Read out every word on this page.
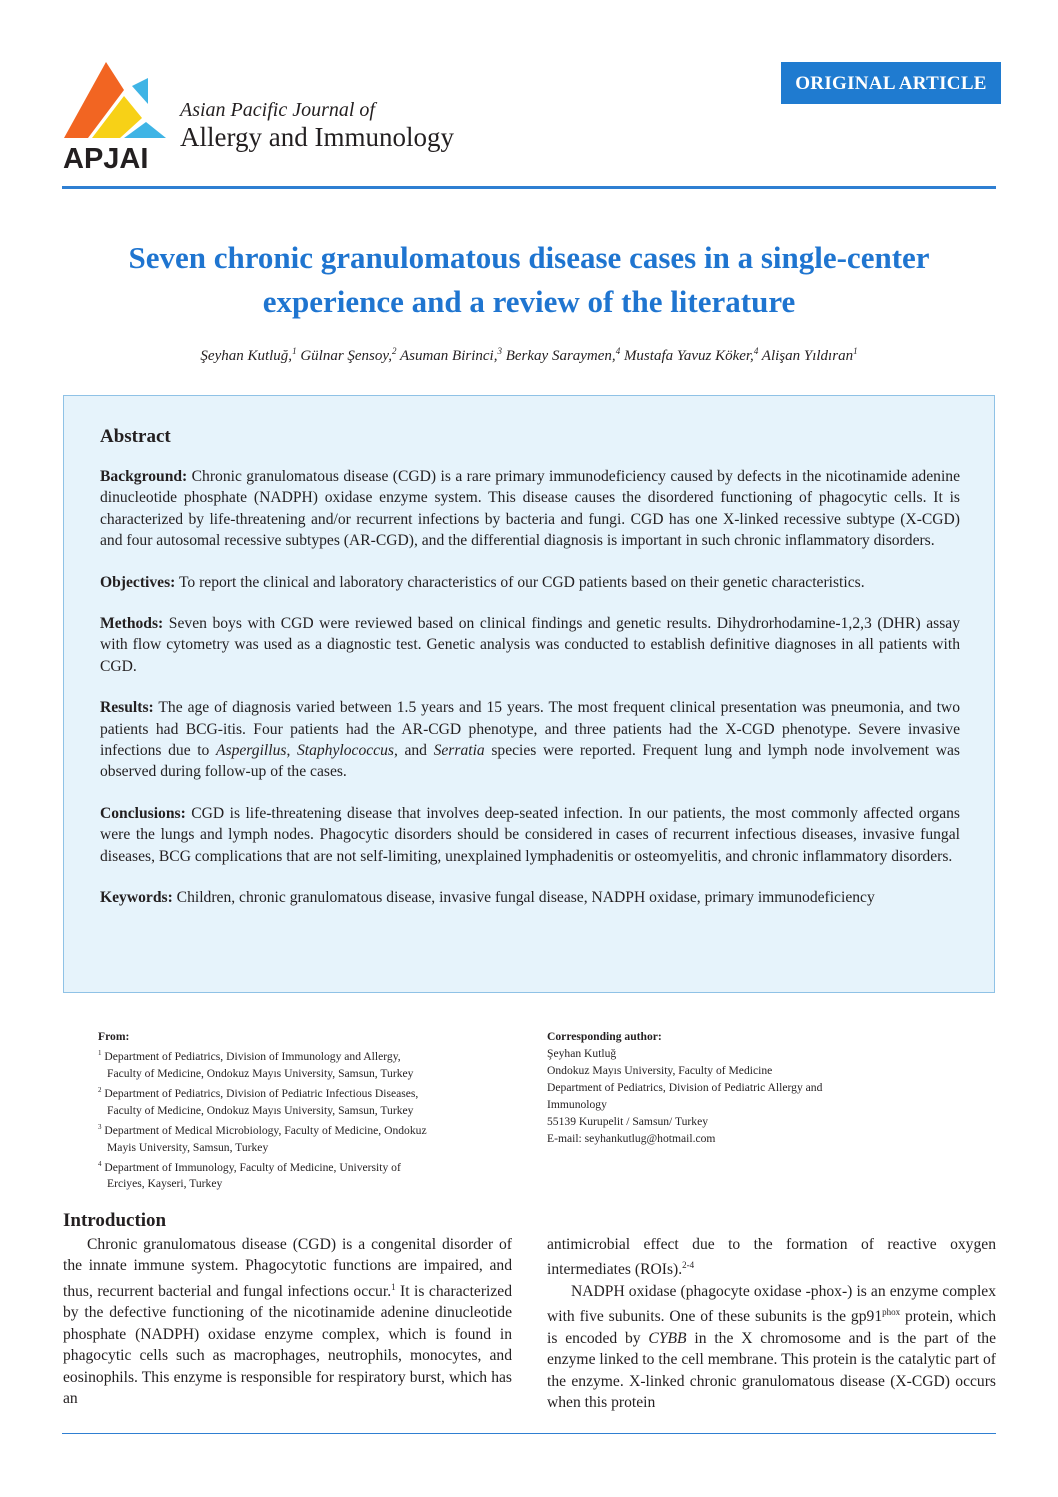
APJAI
Asian Pacific Journal of
Allergy and Immunology
ORIGINAL ARTICLE
Seven chronic granulomatous disease cases in a single-center
experience and a review of the literature
Şeyhan Kutluğ,$^1$ Gülnar Şensoy,$^2$ Asuman Birinci,$^3$ Berkay Saraymen,$^4$ Mustafa Yavuz Köker,$^4$ Alişan Yıldıran$^1$
Abstract

Background: Chronic granulomatous disease (CGD) is a rare primary immunodeficiency caused by defects in the nicotinamide adenine dinucleotide phosphate (NADPH) oxidase enzyme system. This disease causes the disordered functioning of phagocytic cells. It is characterized by life-threatening and/or recurrent infections by bacteria and fungi. CGD has one X-linked recessive subtype (X-CGD) and four autosomal recessive subtypes (AR-CGD), and the differential diagnosis is important in such chronic inflammatory disorders.

Objectives: To report the clinical and laboratory characteristics of our CGD patients based on their genetic characteristics.

Methods: Seven boys with CGD were reviewed based on clinical findings and genetic results. Dihydrorhodamine-1,2,3 (DHR) assay with flow cytometry was used as a diagnostic test. Genetic analysis was conducted to establish definitive diagnoses in all patients with CGD.

Results: The age of diagnosis varied between 1.5 years and 15 years. The most frequent clinical presentation was pneumonia, and two patients had BCG-itis. Four patients had the AR-CGD phenotype, and three patients had the X-CGD phenotype. Severe invasive infections due to Aspergillus, Staphylococcus, and Serratia species were reported. Frequent lung and lymph node involvement was observed during follow-up of the cases.

Conclusions: CGD is life-threatening disease that involves deep-seated infection. In our patients, the most commonly affected organs were the lungs and lymph nodes. Phagocytic disorders should be considered in cases of recurrent infectious diseases, invasive fungal diseases, BCG complications that are not self-limiting, unexplained lymphadenitis or osteomyelitis, and chronic inflammatory disorders.

Keywords: Children, chronic granulomatous disease, invasive fungal disease, NADPH oxidase, primary immunodeficiency

From:
$^1$ Department of Pediatrics, Division of Immunology and Allergy,
Faculty of Medicine, Ondokuz Mayıs University, Samsun, Turkey
$^2$ Department of Pediatrics, Division of Pediatric Infectious Diseases,
Faculty of Medicine, Ondokuz Mayıs University, Samsun, Turkey
$^3$ Department of Medical Microbiology, Faculty of Medicine, Ondokuz
Mayis University, Samsun, Turkey
$^4$ Department of Immunology, Faculty of Medicine, University of
Erciyes, Kayseri, Turkey
Corresponding author:
Şeyhan Kutluğ
Ondokuz Mayıs University, Faculty of Medicine
Department of Pediatrics, Division of Pediatric Allergy and
Immunology
55139 Kurupelit / Samsun/ Turkey
E-mail: seyhankutlug@hotmail.com
Introduction

Chronic granulomatous disease (CGD) is a congenital disorder of the innate immune system. Phagocytotic functions are impaired, and thus, recurrent bacterial and fungal infections occur.$^1$ It is characterized by the defective functioning of the nicotinamide adenine dinucleotide phosphate (NADPH) oxidase enzyme complex, which is found in phagocytic cells such as macrophages, neutrophils, monocytes, and eosinophils. This enzyme is responsible for respiratory burst, which has an

antimicrobial effect due to the formation of reactive oxygen intermediates (ROIs).$^{2-4}$

NADPH oxidase (phagocyte oxidase -phox-) is an enzyme complex with five subunits. One of these subunits is the $gp91^{phox}$ protein, which is encoded by CYBB in the X chromosome and is the part of the enzyme linked to the cell membrane. This protein is the catalytic part of the enzyme. X-linked chronic granulomatous disease (X-CGD) occurs when this protein
